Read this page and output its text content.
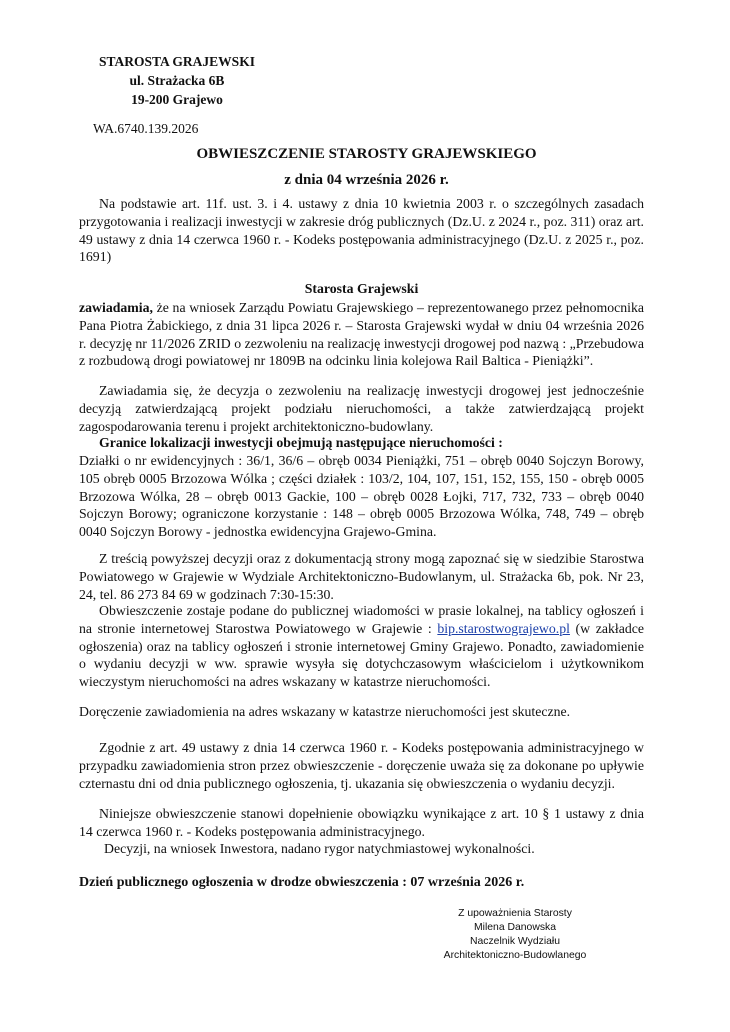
STAROSTA GRAJEWSKI
ul. Strażacka 6B
19-200 Grajewo
WA.6740.139.2026
OBWIESZCZENIE STAROSTY GRAJEWSKIEGO
z dnia 04 września 2026 r.
Na podstawie art. 11f. ust. 3. i 4. ustawy z dnia 10 kwietnia 2003 r. o szczególnych zasadach przygotowania i realizacji inwestycji w zakresie dróg publicznych (Dz.U. z 2024 r., poz. 311) oraz art. 49 ustawy z dnia 14 czerwca 1960 r. - Kodeks postępowania administracyjnego (Dz.U. z 2025 r., poz. 1691)
Starosta Grajewski
zawiadamia, że na wniosek Zarządu Powiatu Grajewskiego – reprezentowanego przez pełnomocnika Pana Piotra Żabickiego, z dnia 31 lipca 2026 r. – Starosta Grajewski wydał w dniu 04 września 2026 r. decyzję nr 11/2026 ZRID o zezwoleniu na realizację inwestycji drogowej pod nazwą : „Przebudowa z rozbudową drogi powiatowej nr 1809B na odcinku linia kolejowa Rail Baltica - Pieniążki”.
Zawiadamia się, że decyzja o zezwoleniu na realizację inwestycji drogowej jest jednocześnie decyzją zatwierdzającą projekt podziału nieruchomości, a także zatwierdzającą projekt zagospodarowania terenu i projekt architektoniczno-budowlany.
Granice lokalizacji inwestycji obejmują następujące nieruchomości :
Działki o nr ewidencyjnych : 36/1, 36/6 – obręb 0034 Pieniążki, 751 – obręb 0040 Sojczyn Borowy, 105 obręb 0005 Brzozowa Wólka ; części działek : 103/2, 104, 107, 151, 152, 155, 150 - obręb 0005 Brzozowa Wólka, 28 – obręb 0013 Gackie, 100 – obręb 0028 Łojki, 717, 732, 733 – obręb 0040 Sojczyn Borowy; ograniczone korzystanie : 148 – obręb 0005 Brzozowa Wólka, 748, 749 – obręb 0040 Sojczyn Borowy - jednostka ewidencyjna Grajewo-Gmina.
Z treścią powyższej decyzji oraz z dokumentacją strony mogą zapoznać się w siedzibie Starostwa Powiatowego w Grajewie w Wydziale Architektoniczno-Budowlanym, ul. Strażacka 6b, pok. Nr 23, 24, tel. 86 273 84 69 w godzinach 7:30-15:30.
Obwieszczenie zostaje podane do publicznej wiadomości w prasie lokalnej, na tablicy ogłoszeń i na stronie internetowej Starostwa Powiatowego w Grajewie : bip.starostwograjewo.pl (w zakładce ogłoszenia) oraz na tablicy ogłoszeń i stronie internetowej Gminy Grajewo. Ponadto, zawiadomienie o wydaniu decyzji w ww. sprawie wysyła się dotychczasowym właścicielom i użytkownikom wieczystym nieruchomości na adres wskazany w katastrze nieruchomości.
Doręczenie zawiadomienia na adres wskazany w katastrze nieruchomości jest skuteczne.
Zgodnie z art. 49 ustawy z dnia 14 czerwca 1960 r. - Kodeks postępowania administracyjnego w przypadku zawiadomienia stron przez obwieszczenie - doręczenie uważa się za dokonane po upływie czternastu dni od dnia publicznego ogłoszenia, tj. ukazania się obwieszczenia o wydaniu decyzji.
Niniejsze obwieszczenie stanowi dopełnienie obowiązku wynikające z art. 10 § 1 ustawy z dnia 14 czerwca 1960 r. - Kodeks postępowania administracyjnego.
Decyzji, na wniosek Inwestora, nadano rygor natychmiastowej wykonalności.
Dzień publicznego ogłoszenia w drodze obwieszczenia : 07 września 2026 r.
Z upoważnienia Starosty
Milena Danowska
Naczelnik Wydziału
Architektoniczno-Budowlanego
